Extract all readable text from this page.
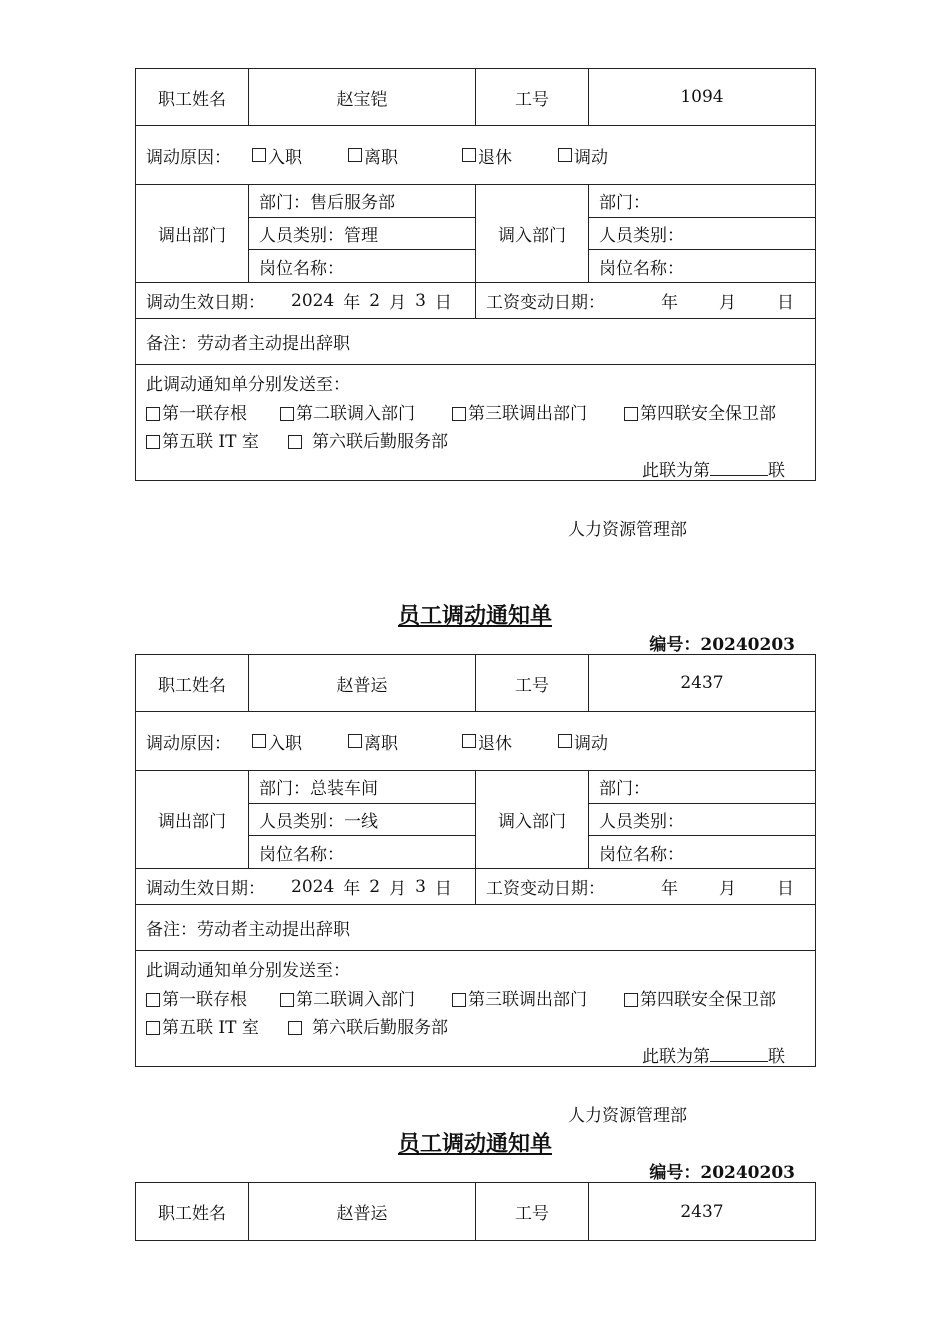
职工姓名	赵宝铠	工号	1094
调动原因：	入职	离职	退休	调动
调出部门
部门： 售后服务部
人员类别： 管理
岗位名称：
调入部门
部门：
人员类别：
岗位名称：
调动生效日期： 2024 年 2 月 3 日 工资变动日期：	年 月 日
备注： 劳动者主动提出辞职
此调动通知单分别发送至：
第一联存根	第二联调入部门	第三联调出部门	第四联安全保卫部
第五联 IT 室	第六联后勤服务部
此联为第	联
人力资源管理部
员工调动通知单
编号：20240203
职工姓名	赵普运	工号	2437
调动原因：	入职	离职	退休	调动
调出部门
部门： 总装车间
人员类别： 一线
岗位名称：
调入部门
部门：
人员类别：
岗位名称：
调动生效日期： 2024 年 2 月 3 日 工资变动日期：	年 月 日
备注： 劳动者主动提出辞职
此调动通知单分别发送至：
第一联存根	第二联调入部门	第三联调出部门	第四联安全保卫部
第五联 IT 室	第六联后勤服务部
此联为第	联
人力资源管理部
员工调动通知单
编号：20240203
职工姓名	赵普运	工号	2437
